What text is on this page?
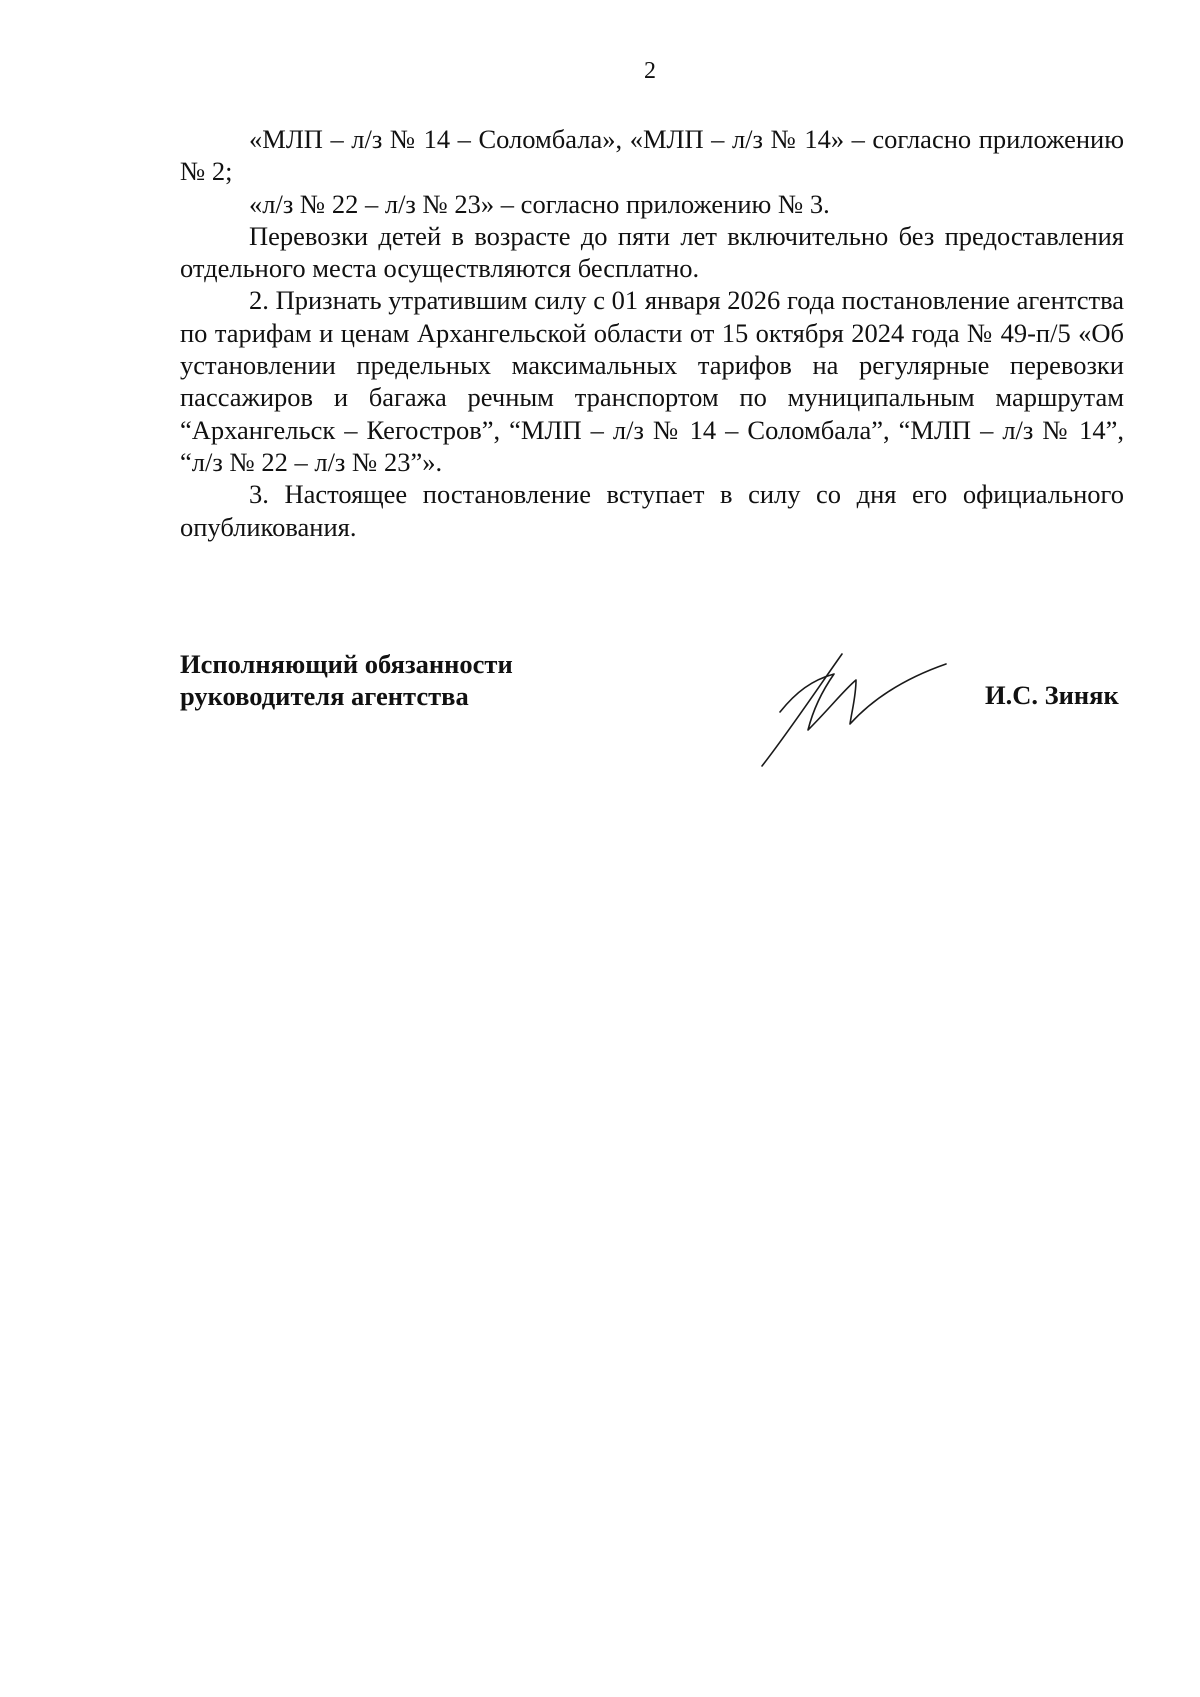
2

«МЛП – л/з № 14 – Соломбала», «МЛП – л/з № 14» – согласно приложению № 2;

«л/з № 22 – л/з № 23» – согласно приложению № 3.

Перевозки детей в возрасте до пяти лет включительно без предоставления отдельного места осуществляются бесплатно.

2. Признать утратившим силу с 01 января 2026 года постановление агентства по тарифам и ценам Архангельской области от 15 октября 2024 года № 49-п/5 «Об установлении предельных максимальных тарифов на регулярные перевозки пассажиров и багажа речным транспортом по муниципальным маршрутам “Архангельск – Кегостров”, “МЛП – л/з № 14 – Соломбала”, “МЛП – л/з № 14”, “л/з № 22 – л/з № 23”».

3. Настоящее постановление вступает в силу со дня его официального опубликования.

Исполняющий обязанности
руководителя агентства	И.С. Зиняк
